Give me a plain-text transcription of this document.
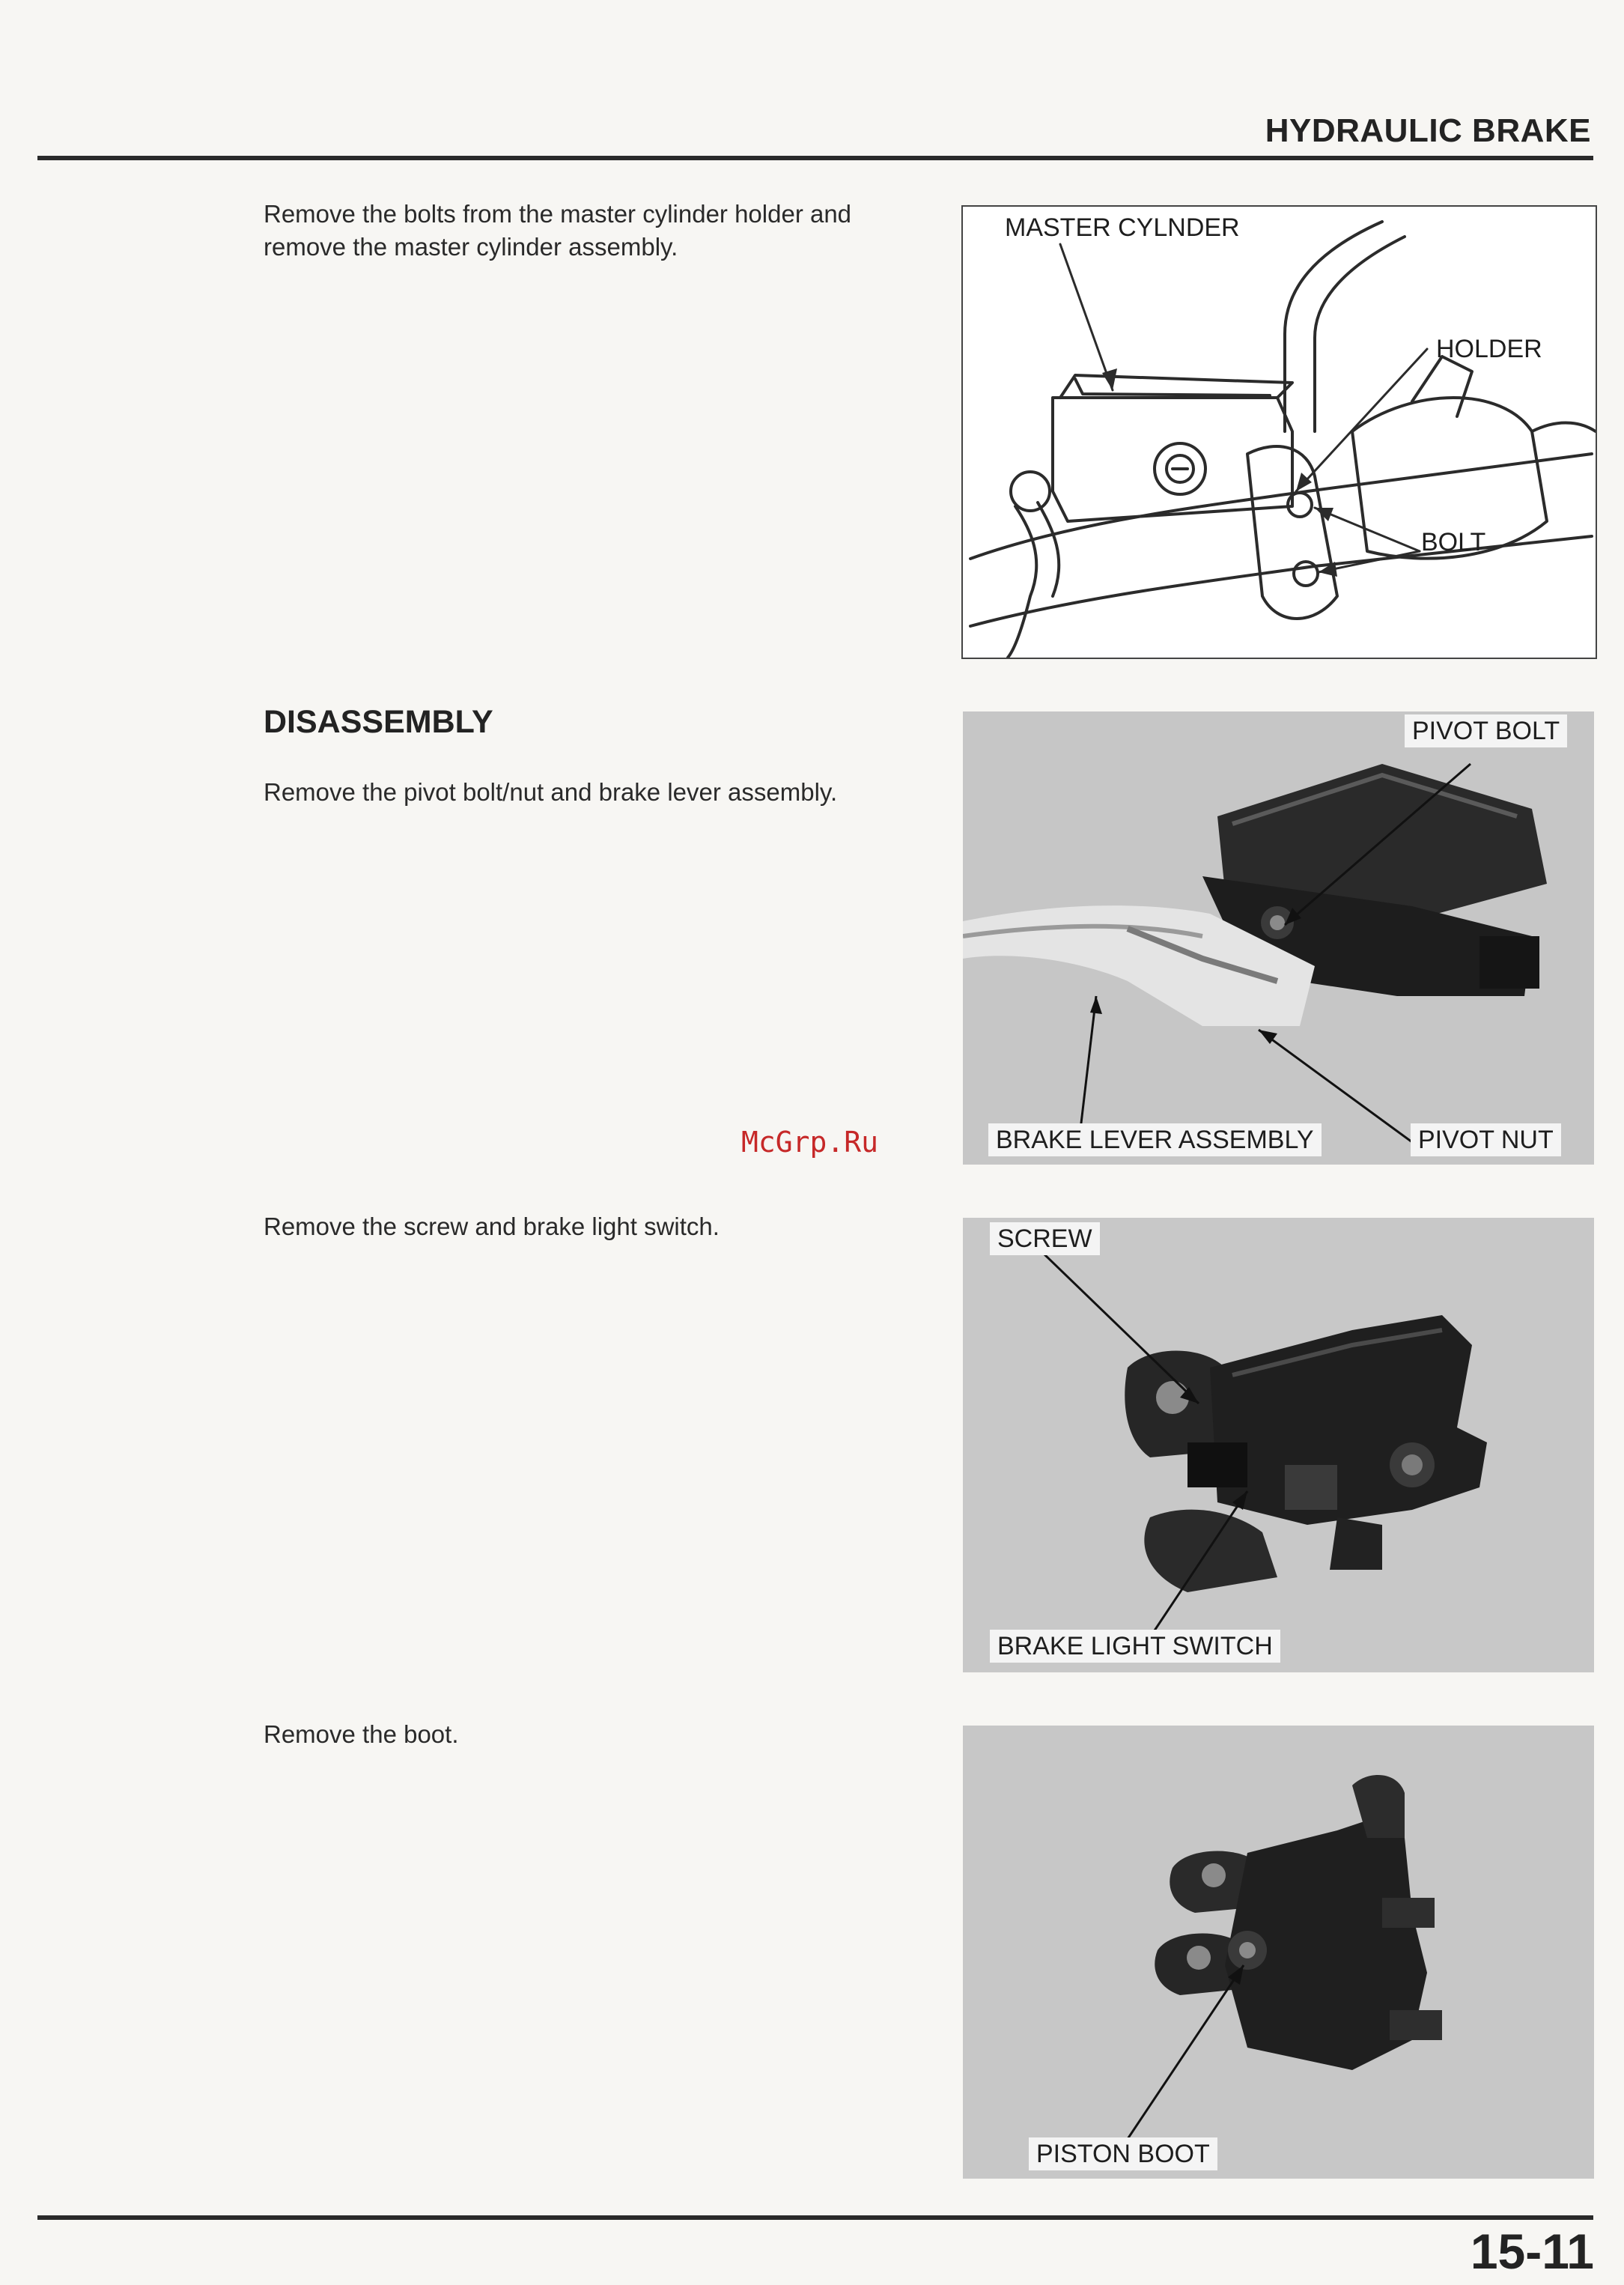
HYDRAULIC BRAKE
Remove the bolts from the master cylinder holder and remove the master cylinder assembly.
MASTER CYLNDER
HOLDER
BOLT
DISASSEMBLY
Remove the pivot bolt/nut and brake lever assembly.
PIVOT BOLT
BRAKE LEVER ASSEMBLY	PIVOT NUT
McGrp.Ru
Remove the screw and brake light switch.	SCREW
BRAKE LIGHT SWITCH
Remove the boot.
PISTON BOOT
15-11
